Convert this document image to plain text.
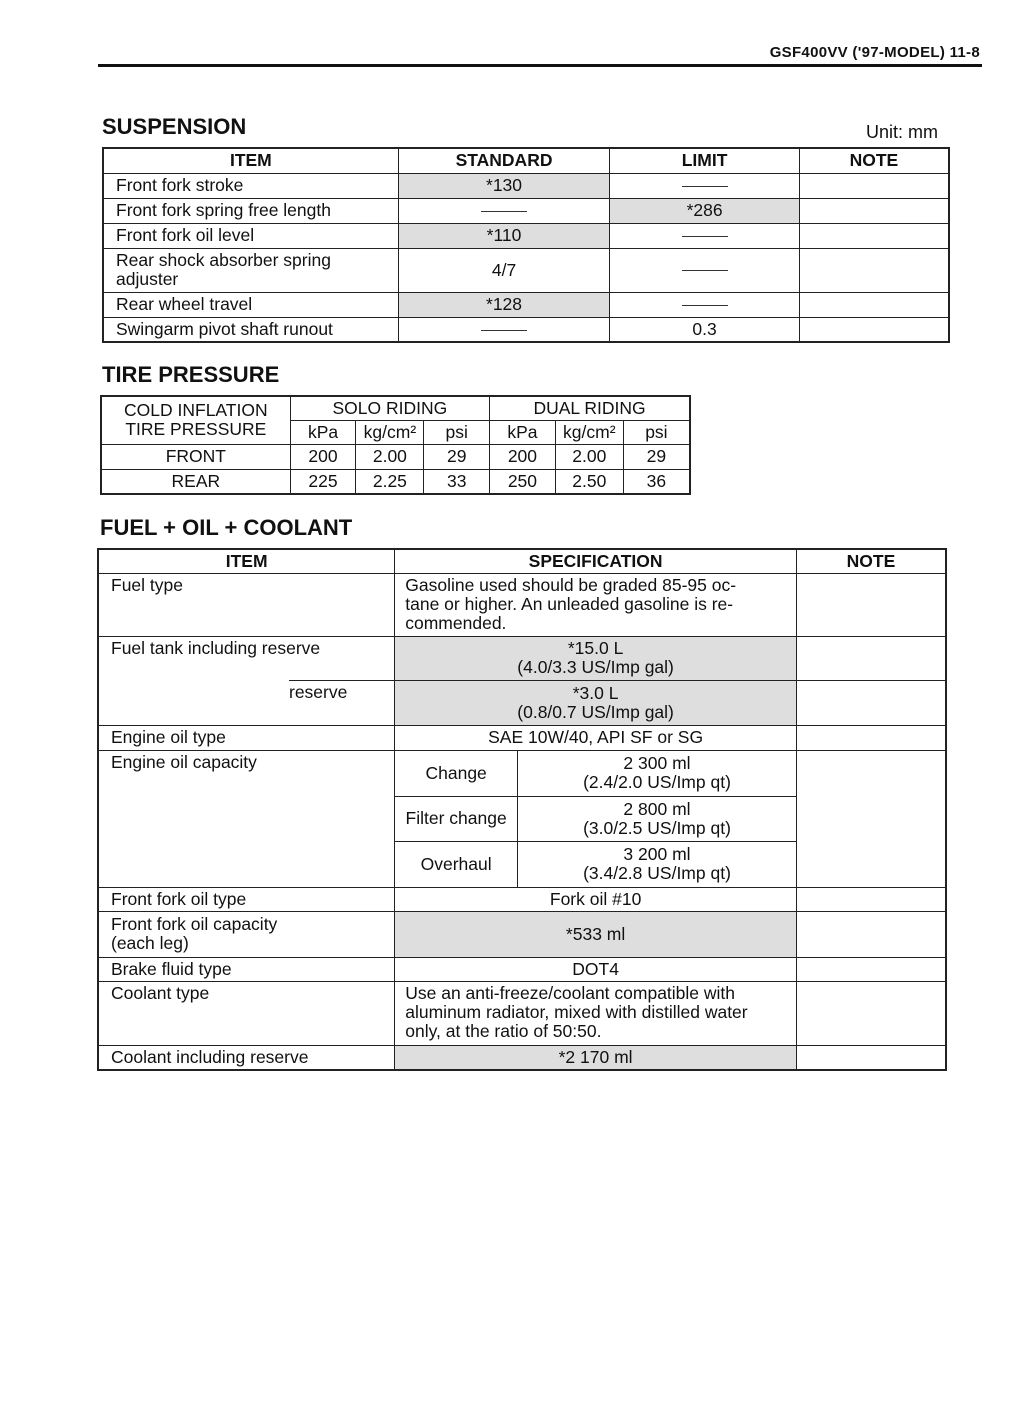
GSF400VV ('97-MODEL) 11-8
SUSPENSION	Unit: mm
ITEM	STANDARD	LIMIT	NOTE
Front fork stroke	*130		
Front fork spring free length		*286	
Front fork oil level	*110		
Rear shock absorber spring adjuster	4/7		
Rear wheel travel	*128		
Swingarm pivot shaft runout		0.3	
TIRE PRESSURE
COLD INFLATION
TIRE PRESSURE	SOLO RIDING			DUAL RIDING		
	kPa	kg/cm²	psi	kPa	kg/cm²	psi
FRONT	200	2.00	29	200	2.00	29
REAR	225	2.25	33	250	2.50	36
FUEL + OIL + COOLANT
ITEM	SPECIFICATION		NOTE
Fuel type	Gasoline used should be graded 85-95 oc-
tane or higher. An unleaded gasoline is re-
commended.		

Fuel tank including reserve	*15.0 L
(4.0/3.3 US/Imp gal)		

reserve	*3.0 L
(0.8/0.7 US/Imp gal)		

Engine oil type	SAE 10W/40, API SF or SG		
Engine oil capacity	Change	2 300 ml
(2.4/2.0 US/Imp qt)	

	Filter change	2 800 ml
(3.0/2.5 US/Imp qt)	

	Overhaul	3 200 ml
(3.4/2.8 US/Imp qt)	

Front fork oil type	Fork oil #10		

Front fork oil capacity
(each leg)	*533 ml		
Brake fluid type	DOT4		
Coolant type	Use an anti-freeze/coolant compatible with
aluminum radiator, mixed with distilled water
only, at the ratio of 50:50.		

Coolant including reserve	*2 170 ml		
